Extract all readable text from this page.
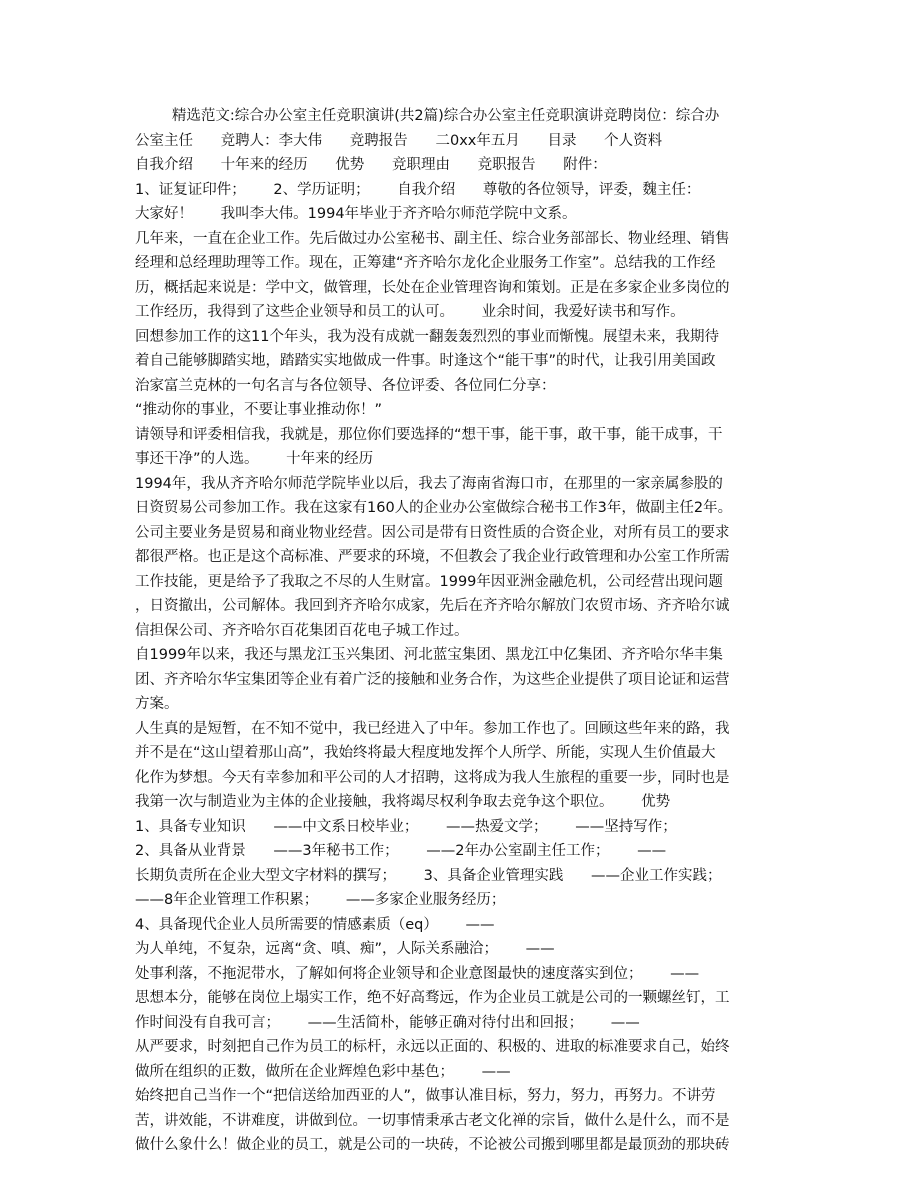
精选范文:综合办公室主任竞职演讲(共2篇)综合办公室主任竞职演讲竞聘岗位：综合办
公室主任      竞聘人：李大伟      竞聘报告      二0xx年五月      目录      个人资料
自我介绍      十年来的经历      优势      竞职理由      竞职报告      附件：
1、证复证印件；      2、学历证明；      自我介绍      尊敬的各位领导，评委，魏主任：
大家好！      我叫李大伟。1994年毕业于齐齐哈尔师范学院中文系。
几年来，一直在企业工作。先后做过办公室秘书、副主任、综合业务部部长、物业经理、销售
经理和总经理助理等工作。现在，正筹建“齐齐哈尔龙化企业服务工作室”。总结我的工作经
历，概括起来说是：学中文，做管理，长处在企业管理咨询和策划。正是在多家企业多岗位的
工作经历，我得到了这些企业领导和员工的认可。      业余时间，我爱好读书和写作。
回想参加工作的这11个年头，我为没有成就一翻轰轰烈烈的事业而惭愧。展望未来，我期待
着自己能够脚踏实地，踏踏实实地做成一件事。时逢这个“能干事”的时代，让我引用美国政
治家富兰克林的一句名言与各位领导、各位评委、各位同仁分享：
“推动你的事业，不要让事业推动你！”
请领导和评委相信我，我就是，那位你们要选择的“想干事，能干事，敢干事，能干成事，干
事还干净”的人选。      十年来的经历
1994年，我从齐齐哈尔师范学院毕业以后，我去了海南省海口市，在那里的一家亲属参股的
日资贸易公司参加工作。我在这家有160人的企业办公室做综合秘书工作3年，做副主任2年。
公司主要业务是贸易和商业物业经营。因公司是带有日资性质的合资企业，对所有员工的要求
都很严格。也正是这个高标准、严要求的环境，不但教会了我企业行政管理和办公室工作所需
工作技能，更是给予了我取之不尽的人生财富。1999年因亚洲金融危机，公司经营出现问题
，日资撤出，公司解体。我回到齐齐哈尔成家，先后在齐齐哈尔解放门农贸市场、齐齐哈尔诚
信担保公司、齐齐哈尔百花集团百花电子城工作过。
自1999年以来，我还与黑龙江玉兴集团、河北蓝宝集团、黑龙江中亿集团、齐齐哈尔华丰集
团、齐齐哈尔华宝集团等企业有着广泛的接触和业务合作，为这些企业提供了项目论证和运营
方案。
人生真的是短暂，在不知不觉中，我已经进入了中年。参加工作也了。回顾这些年来的路，我
并不是在“这山望着那山高”，我始终将最大程度地发挥个人所学、所能，实现人生价值最大
化作为梦想。今天有幸参加和平公司的人才招聘，这将成为我人生旅程的重要一步，同时也是
我第一次与制造业为主体的企业接触，我将竭尽权利争取去竞争这个职位。      优势
1、具备专业知识      ——中文系日校毕业；      ——热爱文学；      ——坚持写作；
2、具备从业背景      ——3年秘书工作；      ——2年办公室副主任工作；      ——
长期负责所在企业大型文字材料的撰写；      3、具备企业管理实践      ——企业工作实践；
——8年企业管理工作积累；      ——多家企业服务经历；
4、具备现代企业人员所需要的情感素质（eq）      ——
为人单纯，不复杂，远离“贪、嗔、痴”，人际关系融洽；      ——
处事利落，不拖泥带水，了解如何将企业领导和企业意图最快的速度落实到位；      ——
思想本分，能够在岗位上塌实工作，绝不好高骛远，作为企业员工就是公司的一颗螺丝钉，工
作时间没有自我可言；      ——生活简朴，能够正确对待付出和回报；      ——
从严要求，时刻把自己作为员工的标杆，永远以正面的、积极的、进取的标准要求自己，始终
做所在组织的正数，做所在企业辉煌色彩中基色；      ——
始终把自己当作一个“把信送给加西亚的人”，做事认准目标，努力，努力，再努力。不讲劳
苦，讲效能，不讲难度，讲做到位。一切事情秉承古老文化禅的宗旨，做什么是什么，而不是
做什么象什么！做企业的员工，就是公司的一块砖，不论被公司搬到哪里都是最顶劲的那块砖
